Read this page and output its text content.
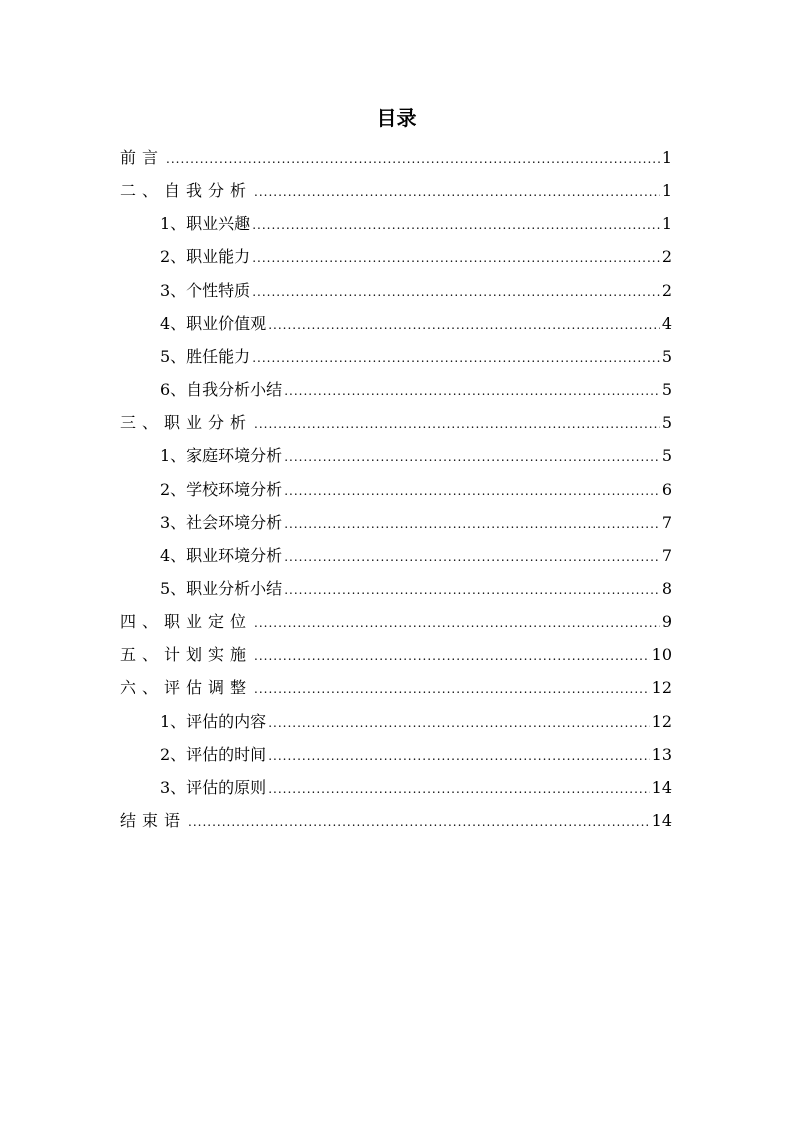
目录
前言 .....	1
二、自我分析 .....	1
1、职业兴趣 .....	1
2、职业能力 .....	2
3、个性特质 .....	2
4、职业价值观 .....	4
5、胜任能力 .....	5
6、自我分析小结 .....	5
三、职业分析 .....	5
1、家庭环境分析 .....	5
2、学校环境分析 .....	6
3、社会环境分析 .....	7
4、职业环境分析 .....	7
5、职业分析小结 .....	8
四、职业定位 .....	9
五、计划实施 .....	10
六、评估调整 .....	12
1、评估的内容 .....	12
2、评估的时间 .....	13
3、评估的原则 .....	14
结束语 .....	14
